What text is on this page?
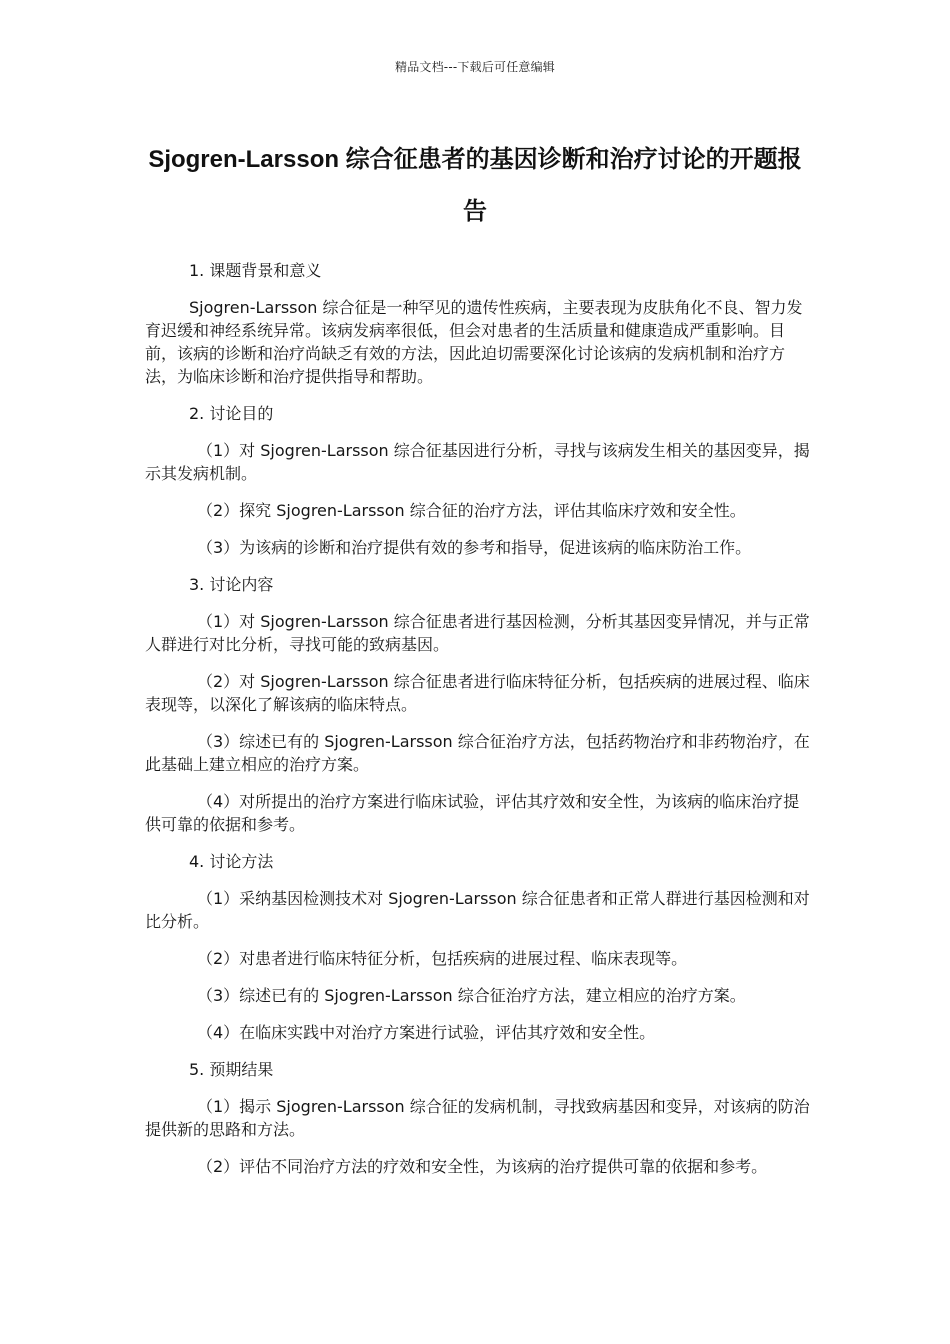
精品文档---下载后可任意编辑
Sjogren-Larsson 综合征患者的基因诊断和治疗讨论的开题报告
1. 课题背景和意义
Sjogren-Larsson 综合征是一种罕见的遗传性疾病，主要表现为皮肤角化不良、智力发育迟缓和神经系统异常。该病发病率很低，但会对患者的生活质量和健康造成严重影响。目前，该病的诊断和治疗尚缺乏有效的方法，因此迫切需要深化讨论该病的发病机制和治疗方法，为临床诊断和治疗提供指导和帮助。
2. 讨论目的
（1）对 Sjogren-Larsson 综合征基因进行分析，寻找与该病发生相关的基因变异，揭示其发病机制。
（2）探究 Sjogren-Larsson 综合征的治疗方法，评估其临床疗效和安全性。
（3）为该病的诊断和治疗提供有效的参考和指导，促进该病的临床防治工作。
3. 讨论内容
（1）对 Sjogren-Larsson 综合征患者进行基因检测，分析其基因变异情况，并与正常人群进行对比分析，寻找可能的致病基因。
（2）对 Sjogren-Larsson 综合征患者进行临床特征分析，包括疾病的进展过程、临床表现等，以深化了解该病的临床特点。
（3）综述已有的 Sjogren-Larsson 综合征治疗方法，包括药物治疗和非药物治疗，在此基础上建立相应的治疗方案。
（4）对所提出的治疗方案进行临床试验，评估其疗效和安全性，为该病的临床治疗提供可靠的依据和参考。
4. 讨论方法
（1）采纳基因检测技术对 Sjogren-Larsson 综合征患者和正常人群进行基因检测和对比分析。
（2）对患者进行临床特征分析，包括疾病的进展过程、临床表现等。
（3）综述已有的 Sjogren-Larsson 综合征治疗方法，建立相应的治疗方案。
（4）在临床实践中对治疗方案进行试验，评估其疗效和安全性。
5. 预期结果
（1）揭示 Sjogren-Larsson 综合征的发病机制，寻找致病基因和变异，对该病的防治提供新的思路和方法。
（2）评估不同治疗方法的疗效和安全性，为该病的治疗提供可靠的依据和参考。
